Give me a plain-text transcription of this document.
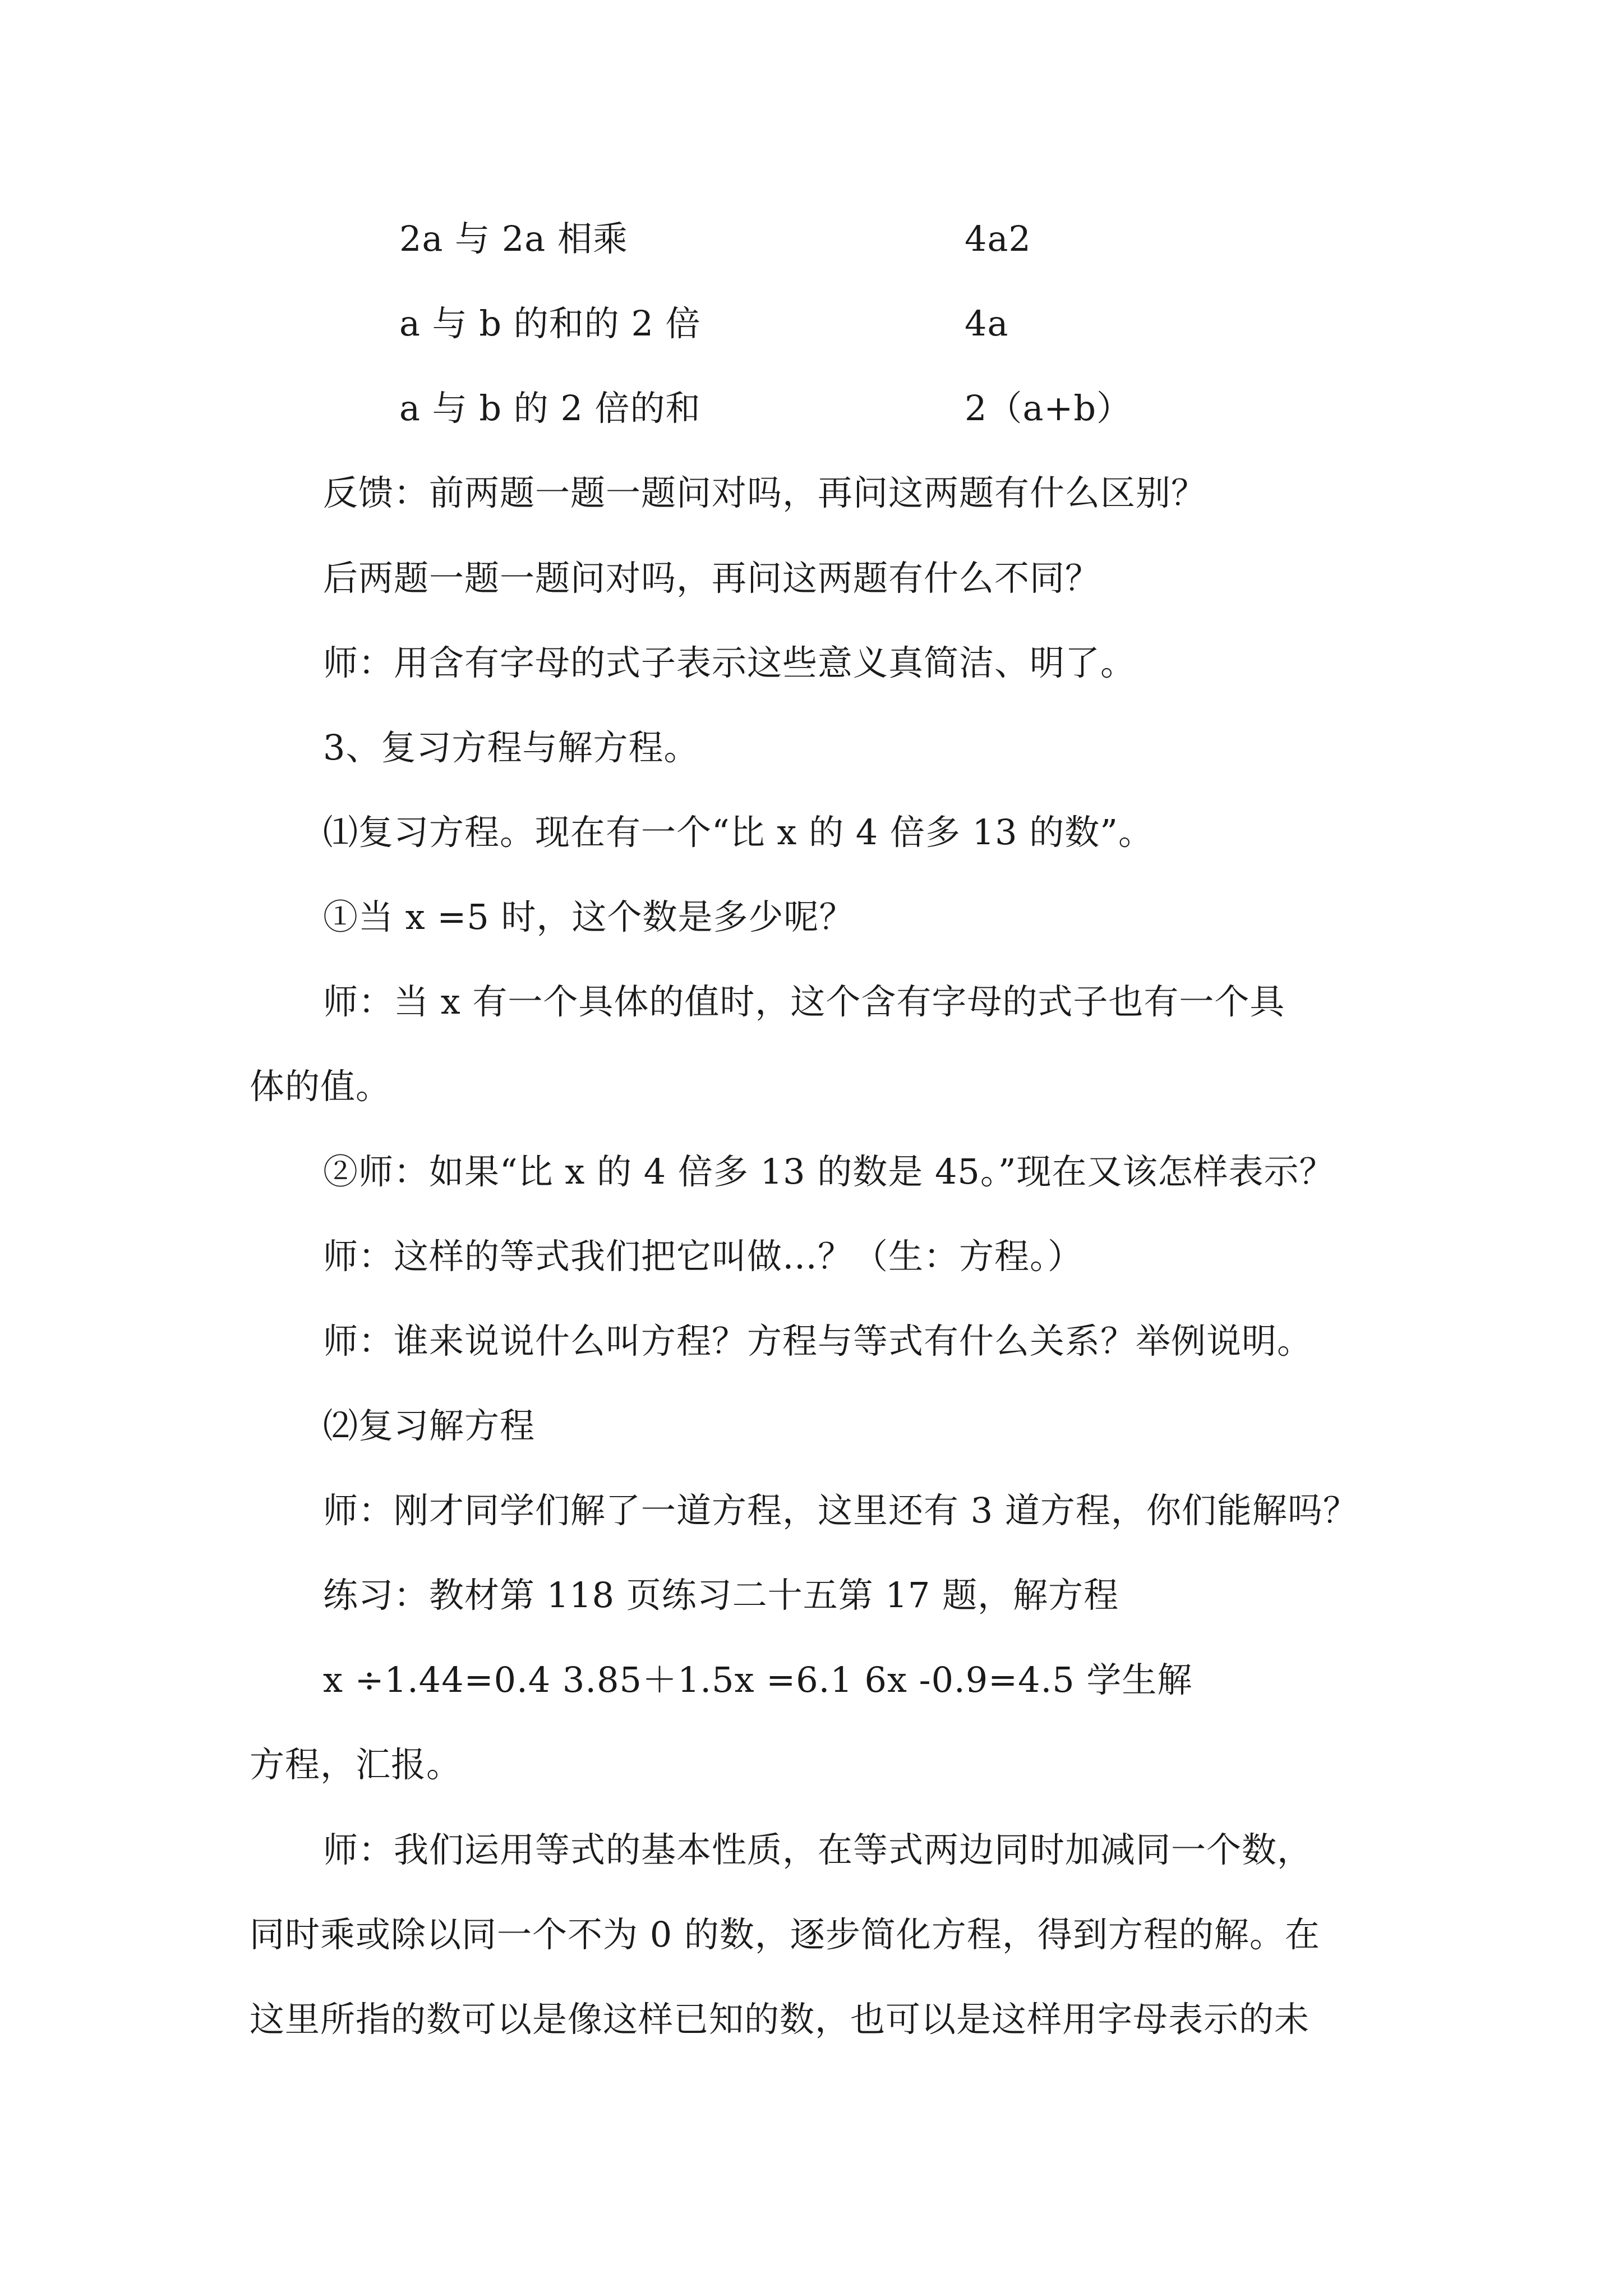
2a 与 2a 相乘	4a2
a 与 b 的和的 2 倍	4a
a 与 b 的 2 倍的和	2（a+b）
反馈：前两题一题一题问对吗，再问这两题有什么区别？
后两题一题一题问对吗，再问这两题有什么不同？
师：用含有字母的式子表示这些意义真简洁、明了。
3、复习方程与解方程。
⑴复习方程。现在有一个“比 x 的 4 倍多 13 的数”。
①当 x =5 时，这个数是多少呢？
师：当 x 有一个具体的值时，这个含有字母的式子也有一个具
体的值。
②师：如果“比 x 的 4 倍多 13 的数是 45。”现在又该怎样表示？
师：这样的等式我们把它叫做…？（生：方程。）
师：谁来说说什么叫方程？方程与等式有什么关系？举例说明。
⑵复习解方程
师：刚才同学们解了一道方程，这里还有 3 道方程，你们能解吗？
练习：教材第 118 页练习二十五第 17 题，解方程
x ÷1.44=0.4 3.85＋1.5x =6.1 6x -0.9=4.5 学生解
方程，汇报。
师：我们运用等式的基本性质，在等式两边同时加减同一个数，
同时乘或除以同一个不为 0 的数，逐步简化方程，得到方程的解。在
这里所指的数可以是像这样已知的数，也可以是这样用字母表示的未
